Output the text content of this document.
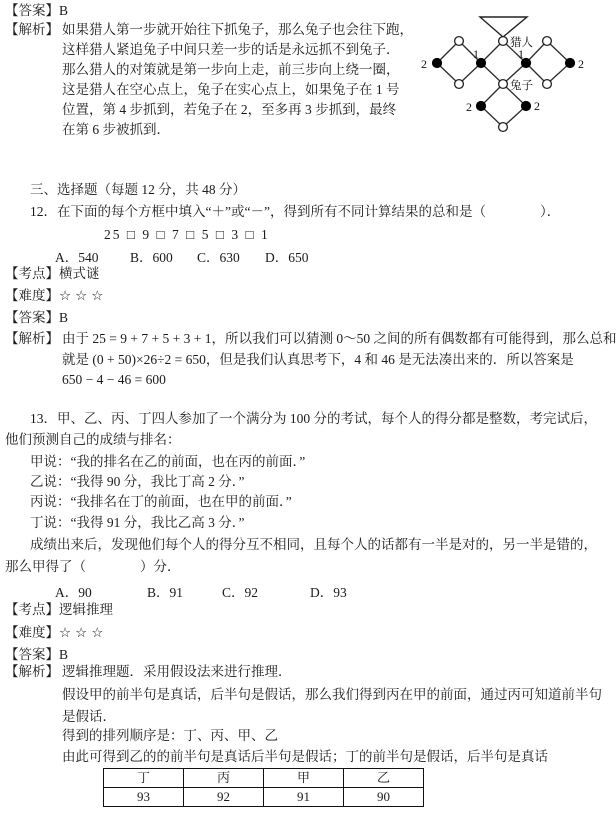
【答案】B
【解析】 如果猎人第一步就开始往下抓兔子，那么兔子也会往下跑，
这样猎人紧追兔子中间只差一步的话是永远抓不到兔子．
那么猎人的对策就是第一步向上走，前三步向上绕一圈，
这是猎人在空心点上，兔子在实心点上，如果兔子在 1 号
位置，第 4 步抓到，若兔子在 2，至多再 3 步抓到，最终
在第 6 步被抓到．
猎人
兔子
1	1
2	2
2	2
三、选择题（每题 12 分，共 48 分）
12．在下面的每个方框中填入“＋”或“－”，得到所有不同计算结果的总和是（　　　　）．
25 □ 9 □ 7 □ 5 □ 3 □ 1
A．540 B．600 C．630 D．650
【考点】横式谜
【难度】☆☆☆
【答案】B
【解析】 由于 25 = 9 + 7 + 5 + 3 + 1，所以我们可以猜测 0～50 之间的所有偶数都有可能得到，那么总和
就是 (0 + 50)×26÷2 = 650，但是我们认真思考下，4 和 46 是无法凑出来的．所以答案是
650 − 4 − 46 = 600
13．甲、乙、丙、丁四人参加了一个满分为 100 分的考试，每个人的得分都是整数，考完试后，
他们预测自己的成绩与排名：
甲说：“我的排名在乙的前面，也在丙的前面．”
乙说：“我得 90 分，我比丁高 2 分．”
丙说：“我排名在丁的前面，也在甲的前面．”
丁说：“我得 91 分，我比乙高 3 分．”
成绩出来后，发现他们每个人的得分互不相同，且每个人的话都有一半是对的，另一半是错的，
那么甲得了（　　　　）分．
A．90	B．91	C．92	D．93
【考点】逻辑推理
【难度】☆☆☆
【答案】B
【解析】 逻辑推理题．采用假设法来进行推理．
假设甲的前半句是真话，后半句是假话，那么我们得到丙在甲的前面，通过丙可知道前半句
是假话．
得到的排列顺序是：丁、丙、甲、乙
由此可得到乙的的前半句是真话后半句是假话；丁的前半句是假话，后半句是真话
丁	丙	甲	乙
93	92	91	90
